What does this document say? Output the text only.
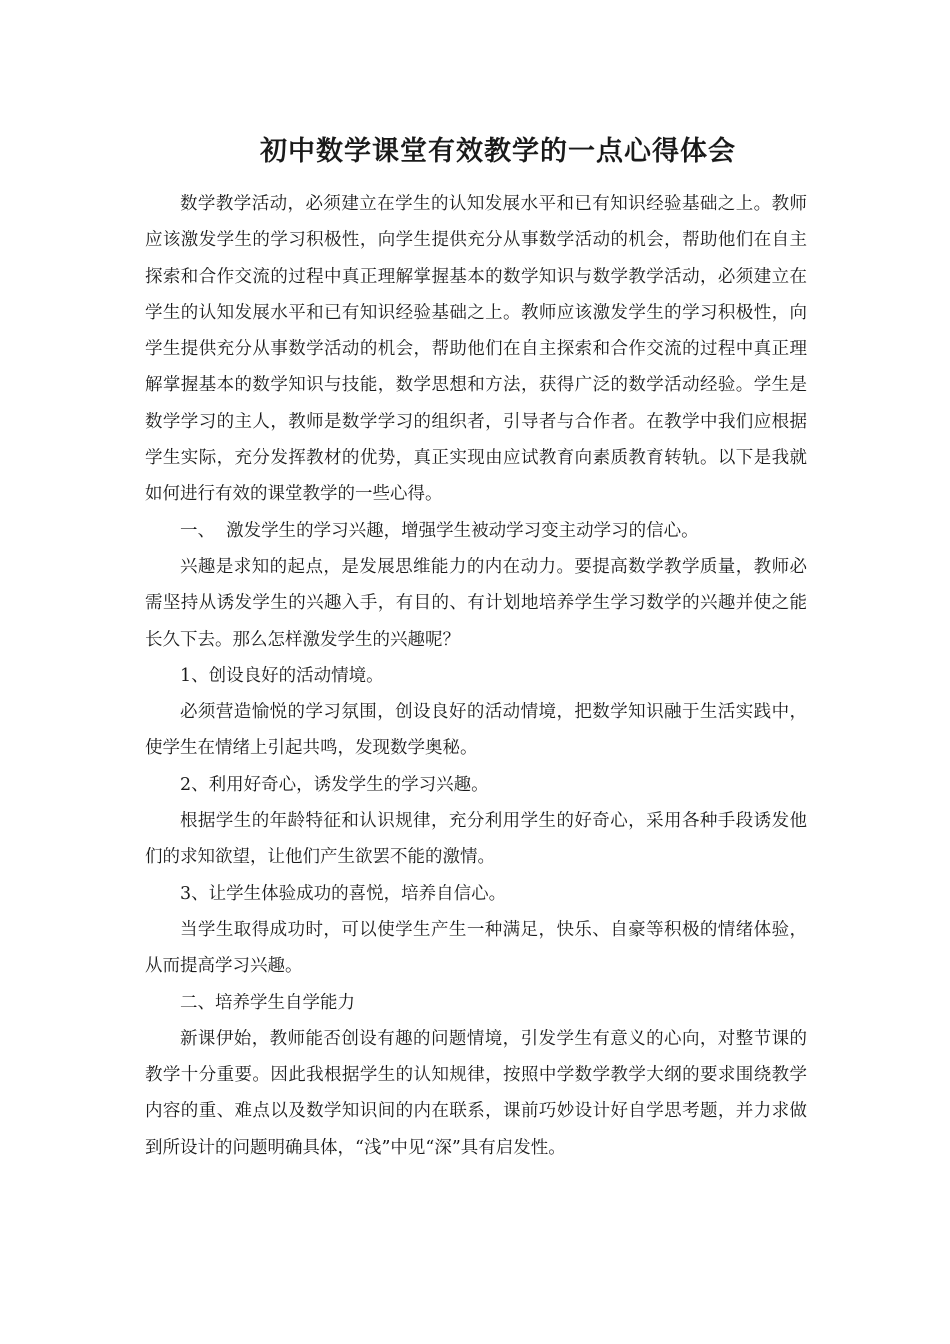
初中数学课堂有效教学的一点心得体会

数学教学活动，必须建立在学生的认知发展水平和已有知识经验基础之上。教师应该激发学生的学习积极性，向学生提供充分从事数学活动的机会，帮助他们在自主探索和合作交流的过程中真正理解掌握基本的数学知识与数学教学活动，必须建立在学生的认知发展水平和已有知识经验基础之上。教师应该激发学生的学习积极性，向学生提供充分从事数学活动的机会，帮助他们在自主探索和合作交流的过程中真正理解掌握基本的数学知识与技能，数学思想和方法，获得广泛的数学活动经验。学生是数学学习的主人，教师是数学学习的组织者，引导者与合作者。在教学中我们应根据学生实际，充分发挥教材的优势，真正实现由应试教育向素质教育转轨。以下是我就如何进行有效的课堂教学的一些心得。

一、  激发学生的学习兴趣，增强学生被动学习变主动学习的信心。

兴趣是求知的起点，是发展思维能力的内在动力。要提高数学教学质量，教师必需坚持从诱发学生的兴趣入手，有目的、有计划地培养学生学习数学的兴趣并使之能长久下去。那么怎样激发学生的兴趣呢？

1、创设良好的活动情境。

必须营造愉悦的学习氛围，创设良好的活动情境，把数学知识融于生活实践中，使学生在情绪上引起共鸣，发现数学奥秘。

2、利用好奇心，诱发学生的学习兴趣。

根据学生的年龄特征和认识规律，充分利用学生的好奇心，采用各种手段诱发他们的求知欲望，让他们产生欲罢不能的激情。

3、让学生体验成功的喜悦，培养自信心。

当学生取得成功时，可以使学生产生一种满足，快乐、自豪等积极的情绪体验，从而提高学习兴趣。

二、培养学生自学能力

新课伊始，教师能否创设有趣的问题情境，引发学生有意义的心向，对整节课的教学十分重要。因此我根据学生的认知规律，按照中学数学教学大纲的要求围绕教学内容的重、难点以及数学知识间的内在联系，课前巧妙设计好自学思考题，并力求做到所设计的问题明确具体，“浅”中见“深”具有启发性。
